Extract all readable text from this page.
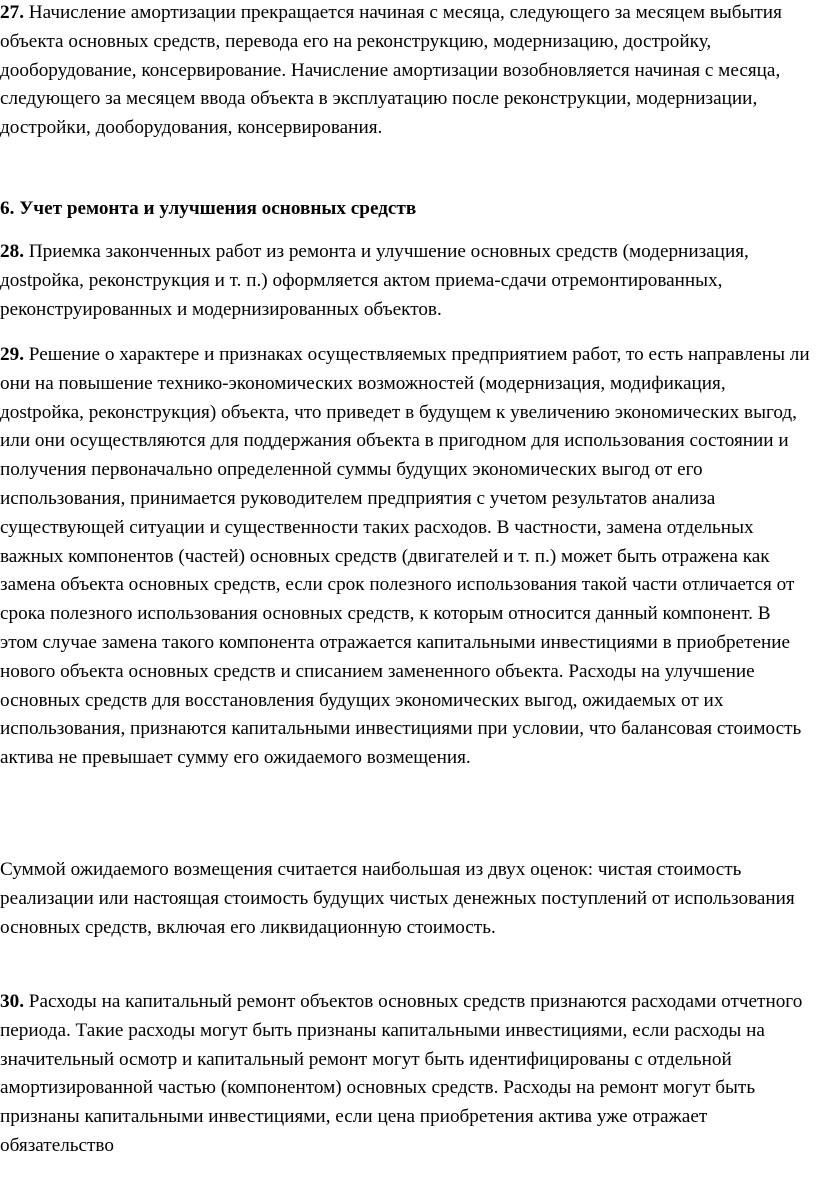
27. Начисление амортизации прекращается начиная с месяца, следующего за месяцем выбытия объекта основных средств, перевода его на реконструкцию, модернизацию, достройку, дооборудование, консервирование. Начисление амортизации возобновляется начиная с месяца, следующего за месяцем ввода объекта в эксплуатацию после реконструкции, модернизации, достройки, дооборудования, консервирования.

6. Учет ремонта и улучшения основных средств

28. Приемка законченных работ из ремонта и улучшение основных средств (модернизация, дostройка, реконструкция и т. п.) оформляется актом приема-сдачи отремонтированных, реконструированных и модернизированных объектов.

29. Решение о характере и признаках осуществляемых предприятием работ, то есть направлены ли они на повышение технико-экономических возможностей (модернизация, модификация, дostройка, реконструкция) объекта, что приведет в будущем к увеличению экономических выгод, или они осуществляются для поддержания объекта в пригодном для использования состоянии и получения первоначально определенной суммы будущих экономических выгод от его использования, принимается руководителем предприятия с учетом результатов анализа существующей ситуации и существенности таких расходов. В частности, замена отдельных важных компонентов (частей) основных средств (двигателей и т. п.) может быть отражена как замена объекта основных средств, если срок полезного использования такой части отличается от срока полезного использования основных средств, к которым относится данный компонент. В этом случае замена такого компонента отражается капитальными инвестициями в приобретение нового объекта основных средств и списанием замененного объекта. Расходы на улучшение основных средств для восстановления будущих экономических выгод, ожидаемых от их использования, признаются капитальными инвестициями при условии, что балансовая стоимость актива не превышает сумму его ожидаемого возмещения.

Суммой ожидаемого возмещения считается наибольшая из двух оценок: чистая стоимость реализации или настоящая стоимость будущих чистых денежных поступлений от использования основных средств, включая его ликвидационную стоимость.

30. Расходы на капитальный ремонт объектов основных средств признаются расходами отчетного периода. Такие расходы могут быть признаны капитальными инвестициями, если расходы на значительный осмотр и капитальный ремонт могут быть идентифицированы с отдельной амортизированной частью (компонентом) основных средств. Расходы на ремонт могут быть признаны капитальными инвестициями, если цена приобретения актива уже отражает обязательство
